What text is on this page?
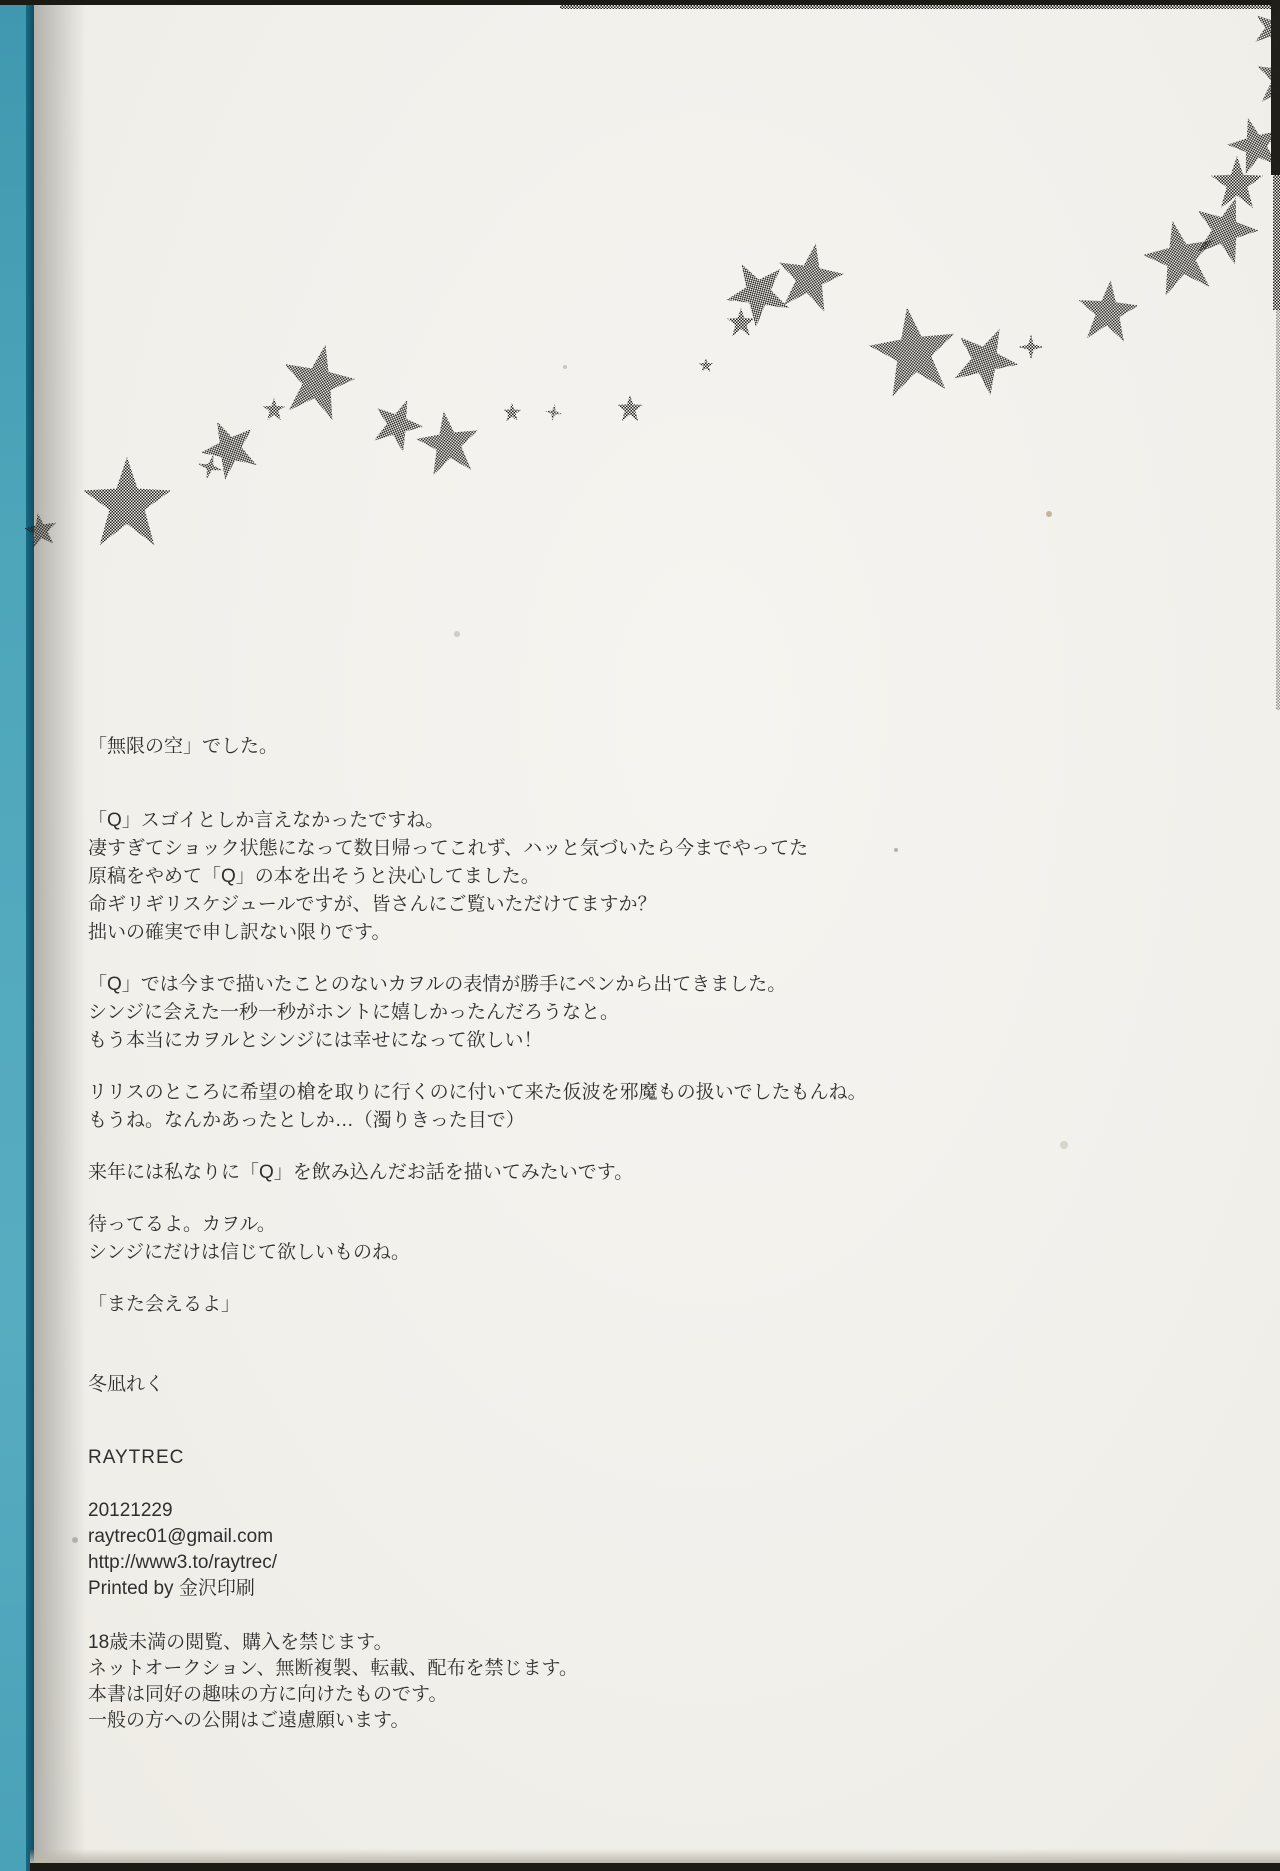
「無限の空」でした。
「Q」スゴイとしか言えなかったですね。
凄すぎてショック状態になって数日帰ってこれず、ハッと気づいたら今までやってた
原稿をやめて「Q」の本を出そうと決心してました。
命ギリギリスケジュールですが、皆さんにご覧いただけてますか？
拙いの確実で申し訳ない限りです。
「Q」では今まで描いたことのないカヲルの表情が勝手にペンから出てきました。
シンジに会えた一秒一秒がホントに嬉しかったんだろうなと。
もう本当にカヲルとシンジには幸せになって欲しい！
リリスのところに希望の槍を取りに行くのに付いて来た仮波を邪魔もの扱いでしたもんね。
もうね。なんかあったとしか…（濁りきった目で）
来年には私なりに「Q」を飲み込んだお話を描いてみたいです。
待ってるよ。カヲル。
シンジにだけは信じて欲しいものね。
「また会えるよ」
冬凪れく
RAYTREC
20121229
raytrec01@gmail.com
http://www3.to/raytrec/
Printed by 金沢印刷
18歳未満の閲覧、購入を禁じます。
ネットオークション、無断複製、転載、配布を禁じます。
本書は同好の趣味の方に向けたものです。
一般の方への公開はご遠慮願います。
